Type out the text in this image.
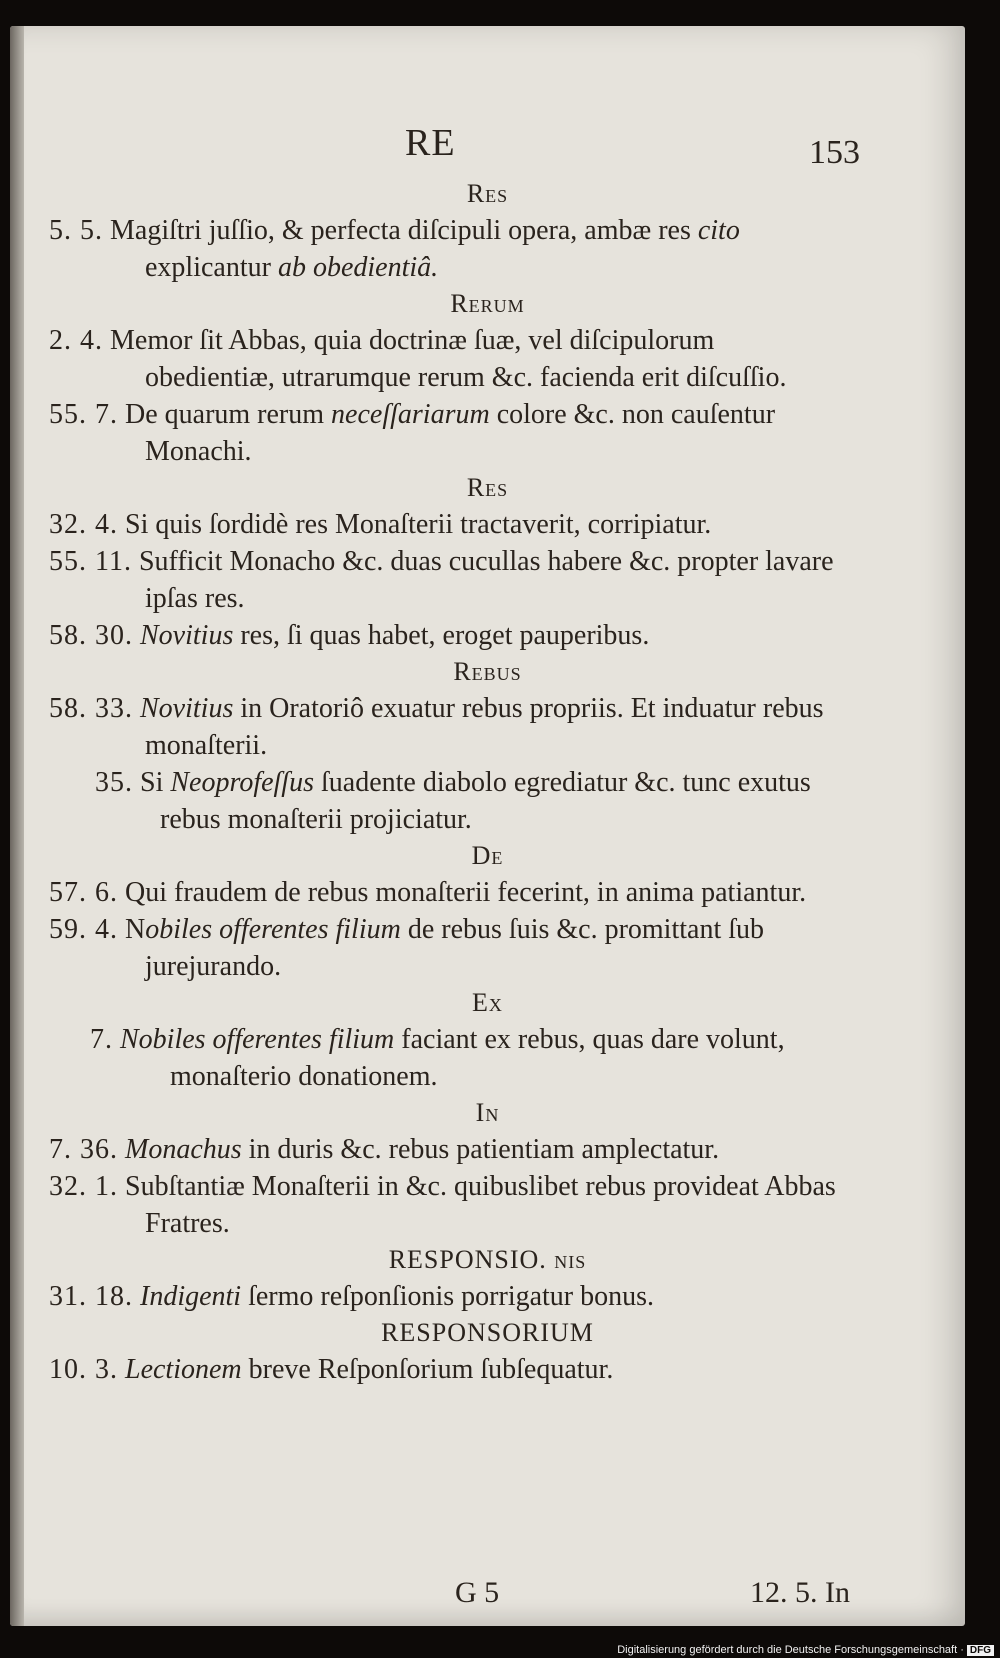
RE	153
Res
5. 5. Magiſtri juſſio, & perfecta diſcipuli opera, ambæ res cito explicantur ab obedientiâ.
Rerum
2. 4. Memor ſit Abbas, quia doctrinæ ſuæ, vel diſcipulorum obedientiæ, utrarumque rerum &c. facienda erit diſcuſſio.
55. 7. De quarum rerum neceſſariarum colore &c. non cauſentur Monachi.
Res
32. 4. Si quis ſordidè res Monaſterii tractaverit, corripiatur.
55. 11. Sufficit Monacho &c. duas cucullas habere &c. propter lavare ipſas res.
58. 30. Novitius res, ſi quas habet, eroget pauperibus.
Rebus
58. 33. Novitius in Oratoriô exuatur rebus propriis. Et induatur rebus monaſterii.
35. Si Neoprofeſſus ſuadente diabolo egrediatur &c. tunc exutus rebus monaſterii projiciatur.
De
57. 6. Qui fraudem de rebus monaſterii fecerint, in anima patiantur.
59. 4. Nobiles offerentes filium de rebus ſuis &c. promittant ſub jurejurando.
Ex
7. Nobiles offerentes filium faciant ex rebus, quas dare volunt, monaſterio donationem.
In
7. 36. Monachus in duris &c. rebus patientiam amplectatur.
32. 1. Subſtantiæ Monaſterii in &c. quibuslibet rebus provideat Abbas Fratres.
RESPONSIO. nis
31. 18. Indigenti ſermo reſponſionis porrigatur bonus.
RESPONSORIUM
10. 3. Lectionem breve Reſponſorium ſubſequatur.
G 5	12. 5. In
Digitalisierung gefördert durch die Deutsche Forschungsgemeinschaft · DFG
